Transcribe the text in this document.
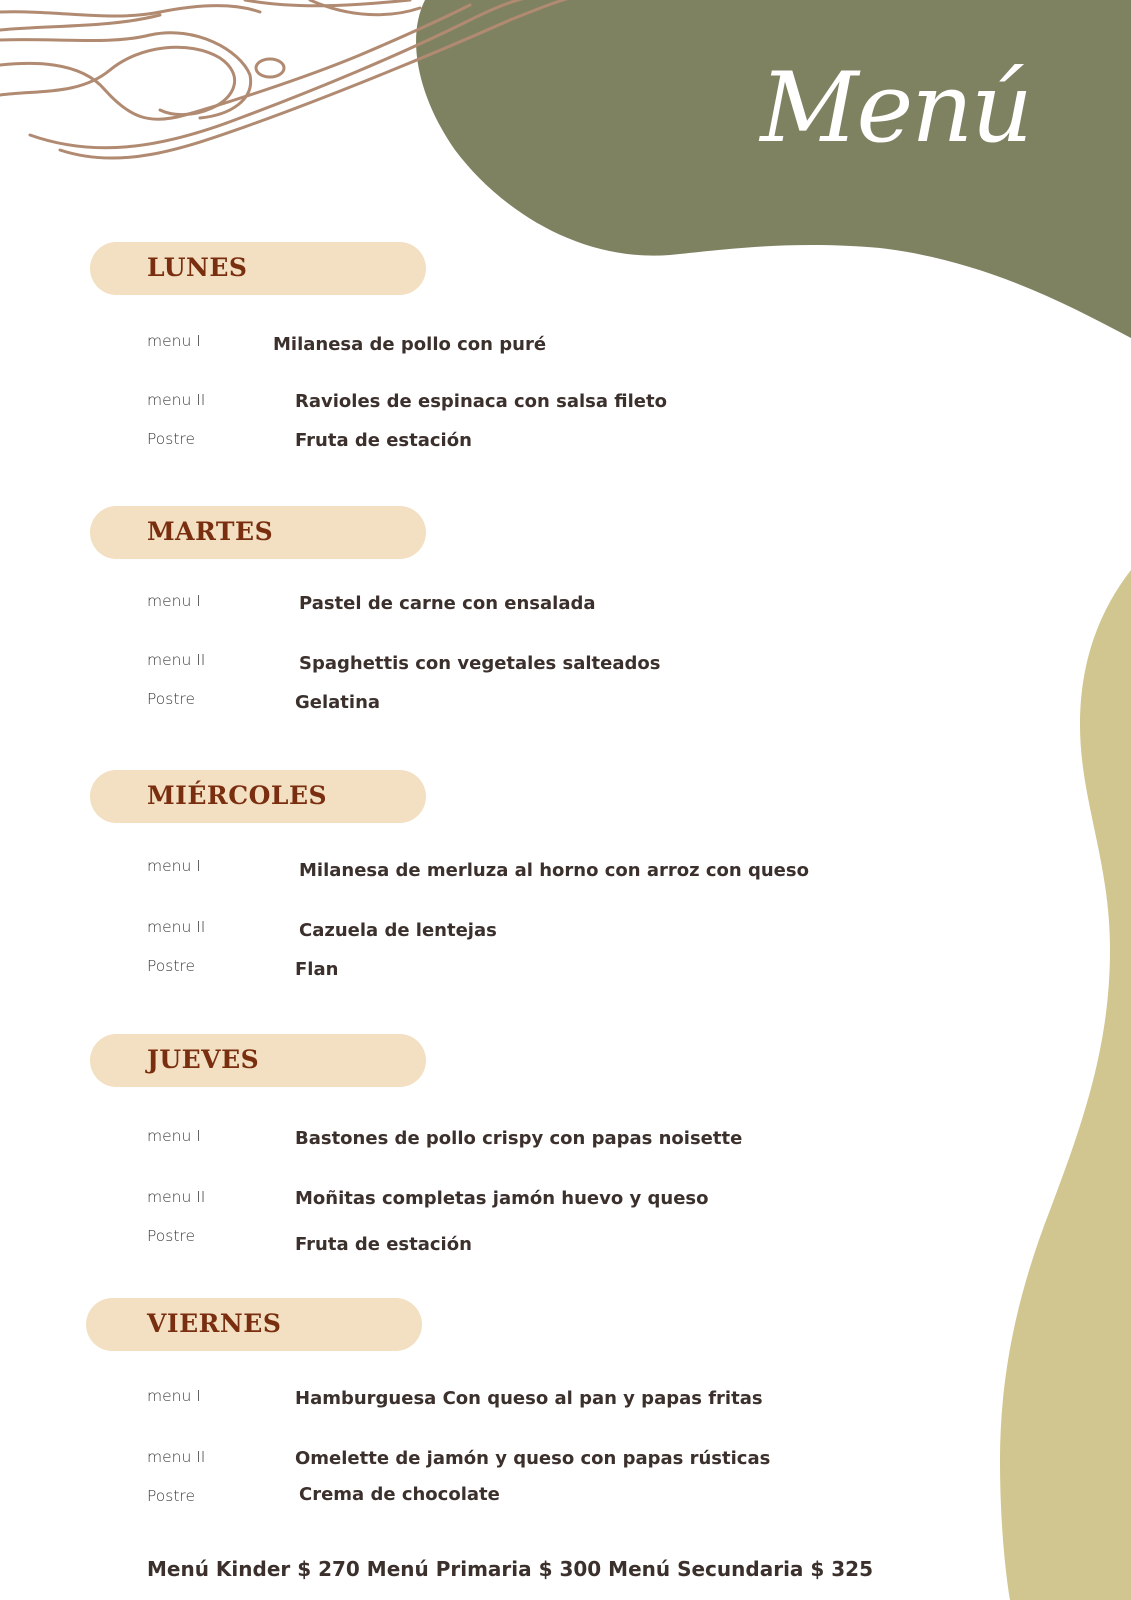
Menú
LUNES
menu I	Milanesa de pollo con puré
menu II	Ravioles de espinaca con salsa fileto
Postre	Fruta de estación
MARTES
menu I	Pastel de carne con ensalada
menu II	Spaghettis con vegetales salteados
Postre	Gelatina
MIÉRCOLES
menu I	Milanesa de merluza al horno con arroz con queso
menu II	Cazuela de lentejas
Postre	Flan
JUEVES
menu I	Bastones de pollo crispy con papas noisette
menu II	Moñitas completas jamón huevo y queso
Postre	Fruta de estación
VIERNES
menu I	Hamburguesa Con queso al pan y papas fritas
menu II	Omelette de jamón y queso con papas rústicas
Postre	Crema de chocolate
Menú Kinder $ 270 Menú Primaria $ 300 Menú Secundaria $ 325
